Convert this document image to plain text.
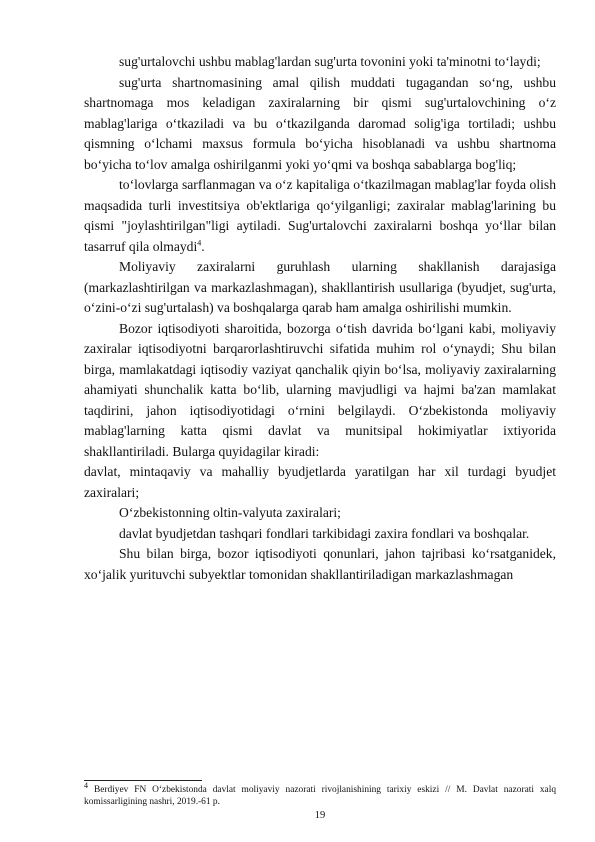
sug'urtalovchi ushbu mablag'lardan sug'urta tovonini yoki ta'minotni to‘laydi;

sug'urta shartnomasining amal qilish muddati tugagandan so‘ng, ushbu shartnomaga mos keladigan zaxiralarning bir qismi sug'urtalovchining o‘z mablag'lariga o‘tkaziladi va bu o‘tkazilganda daromad solig'iga tortiladi; ushbu qismning o‘lchami maxsus formula bo‘yicha hisoblanadi va ushbu shartnoma bo‘yicha to‘lov amalga oshirilganmi yoki yo‘qmi va boshqa sabablarga bog'liq;

to‘lovlarga sarflanmagan va o‘z kapitaliga o‘tkazilmagan mablag'lar foyda olish maqsadida turli investitsiya ob'ektlariga qo‘yilganligi; zaxiralar mablag'larining bu qismi "joylashtirilgan"ligi aytiladi. Sug'urtalovchi zaxiralarni boshqa yo‘llar bilan tasarruf qila olmaydi$^4$.

Moliyaviy zaxiralarni guruhlash ularning shakllanish darajasiga (markazlashtirilgan va markazlashmagan), shakllantirish usullariga (byudjet, sug'urta, o‘zini-o‘zi sug'urtalash) va boshqalarga qarab ham amalga oshirilishi mumkin.

Bozor iqtisodiyoti sharoitida, bozorga o‘tish davrida bo‘lgani kabi, moliyaviy zaxiralar iqtisodiyotni barqarorlashtiruvchi sifatida muhim rol o‘ynaydi; Shu bilan birga, mamlakatdagi iqtisodiy vaziyat qanchalik qiyin bo‘lsa, moliyaviy zaxiralarning ahamiyati shunchalik katta bo‘lib, ularning mavjudligi va hajmi ba'zan mamlakat taqdirini, jahon iqtisodiyotidagi o‘rnini belgilaydi. O‘zbekistonda moliyaviy mablag'larning katta qismi davlat va munitsipal hokimiyatlar ixtiyorida shakllantiriladi. Bularga quyidagilar kiradi:

davlat, mintaqaviy va mahalliy byudjetlarda yaratilgan har xil turdagi byudjet zaxiralari;

O‘zbekistonning oltin-valyuta zaxiralari;

davlat byudjetdan tashqari fondlari tarkibidagi zaxira fondlari va boshqalar.

Shu bilan birga, bozor iqtisodiyoti qonunlari, jahon tajribasi ko‘rsatganidek, xo‘jalik yurituvchi subyektlar tomonidan shakllantiriladigan markazlashmagan

$^4$ Berdiyev FN O‘zbekistonda davlat moliyaviy nazorati rivojlanishining tarixiy eskizi // M. Davlat nazorati xalq komissarligining nashri, 2019.-61 p.
19
